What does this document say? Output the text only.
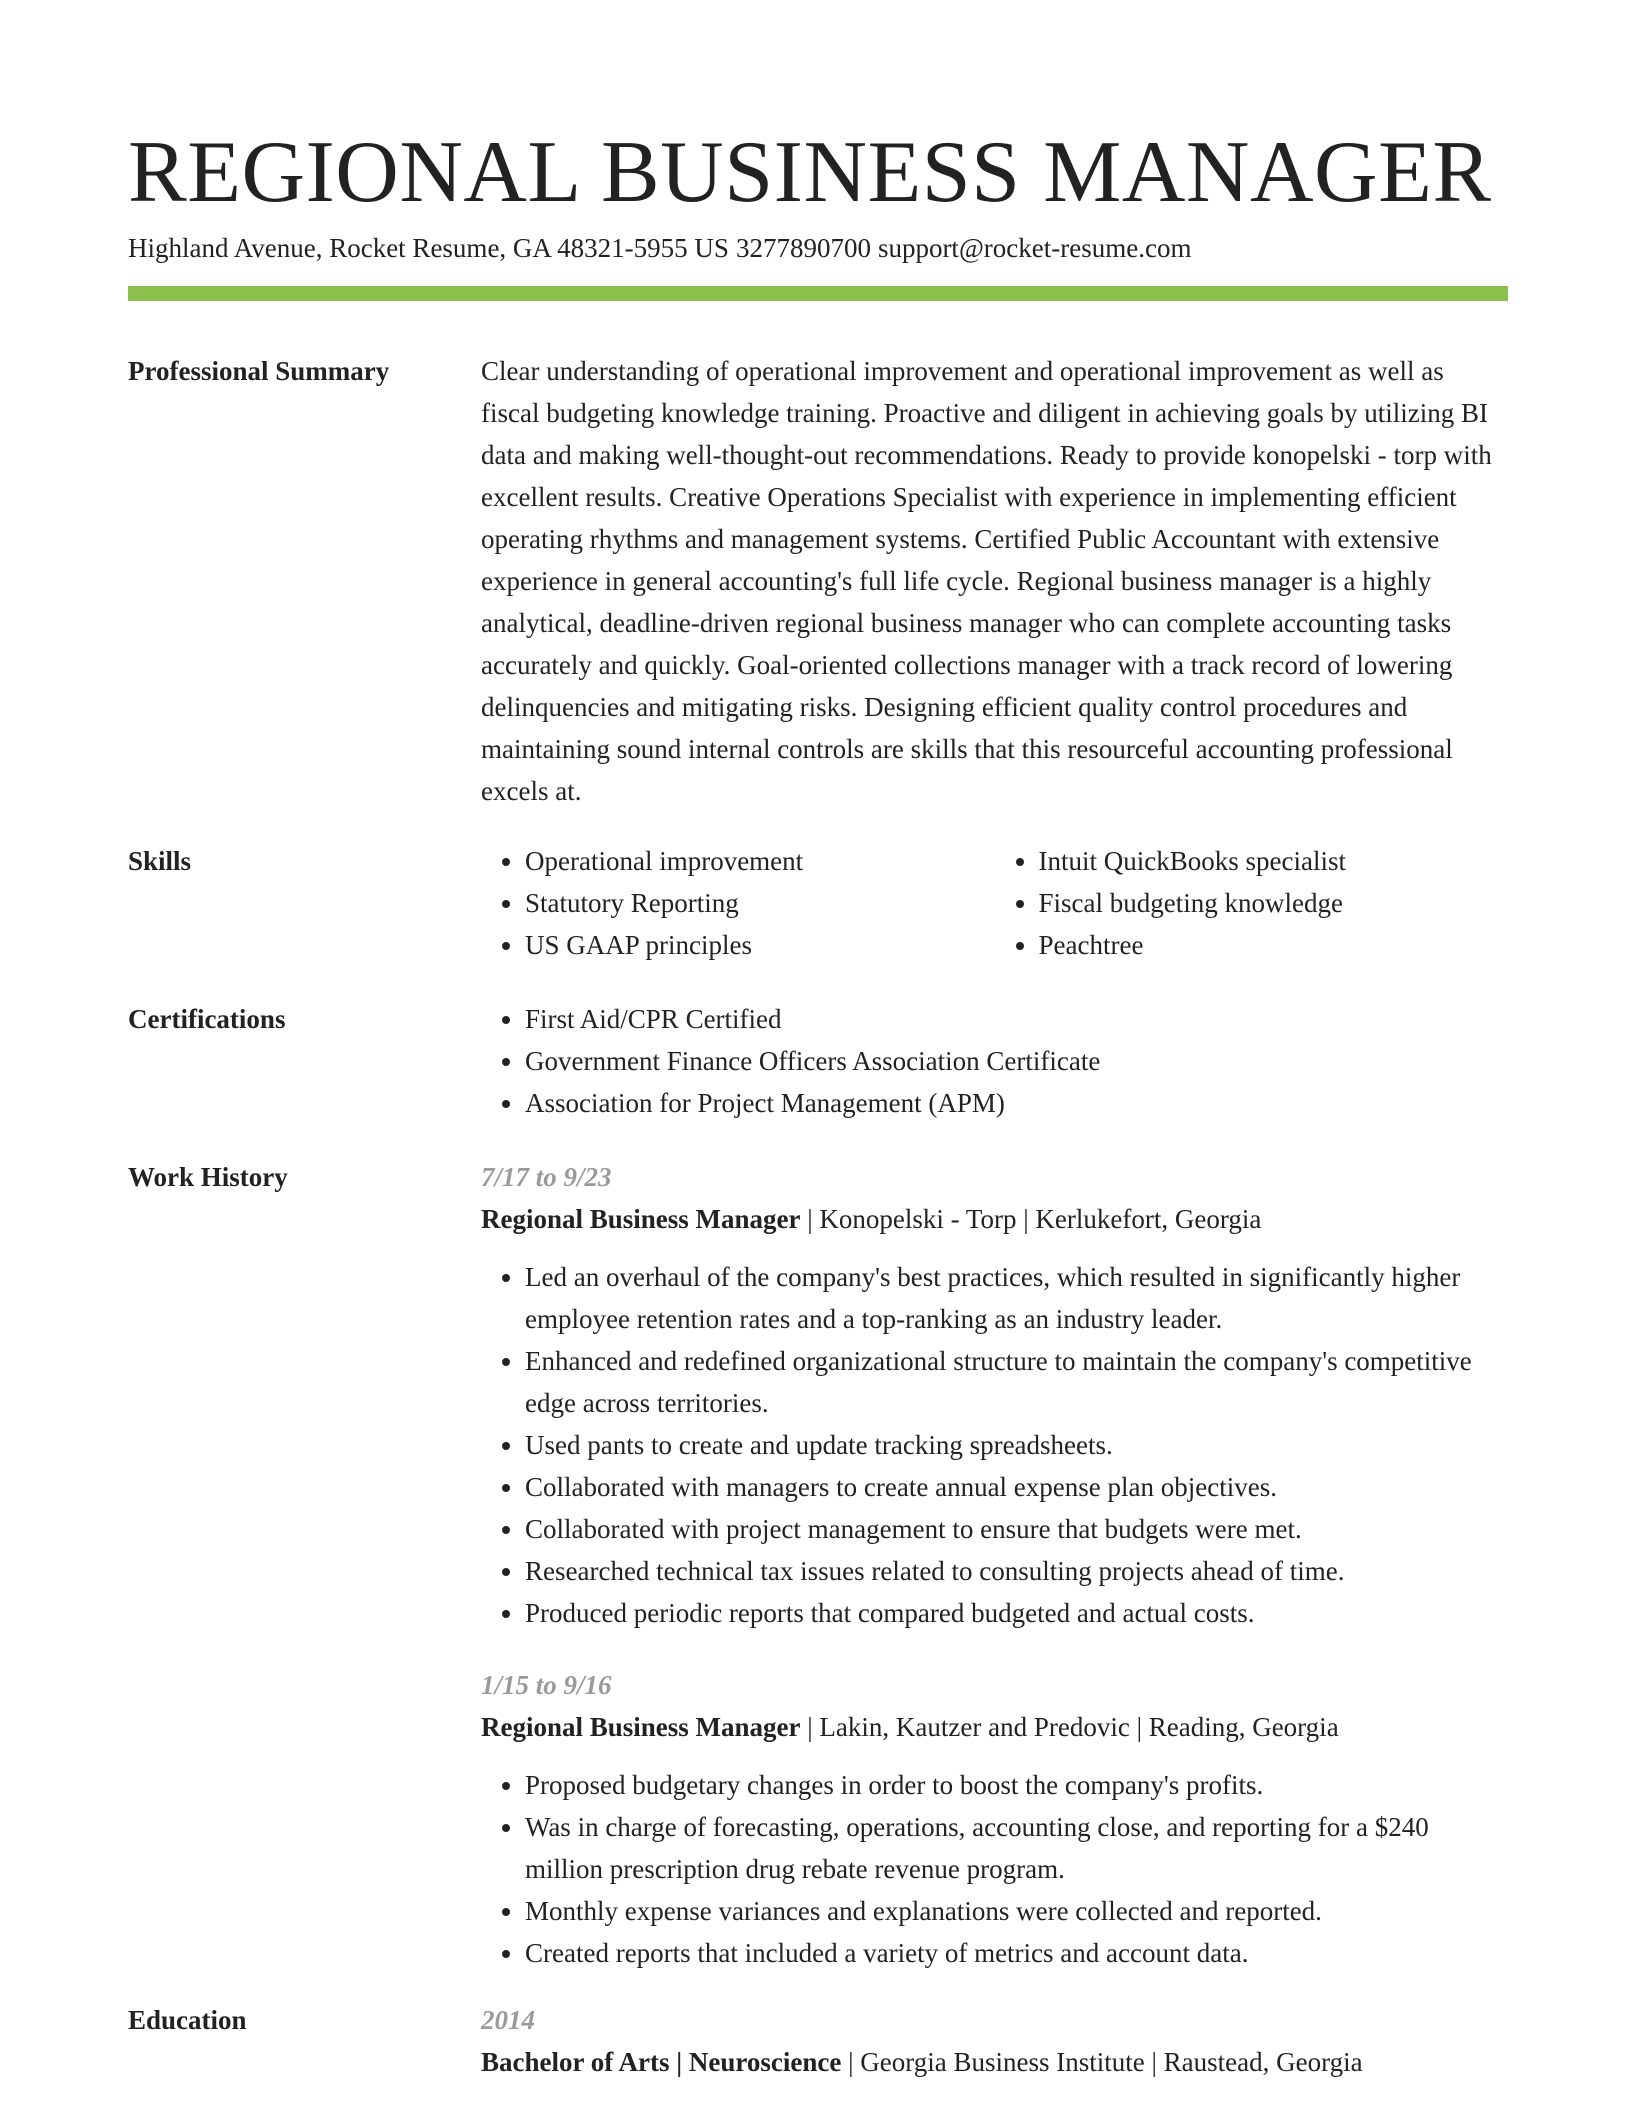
REGIONAL BUSINESS MANAGER
Highland Avenue, Rocket Resume, GA 48321-5955 US 3277890700 support@rocket-resume.com
Professional Summary	Clear understanding of operational improvement and operational improvement as well as fiscal budgeting knowledge training. Proactive and diligent in achieving goals by utilizing BI data and making well-thought-out recommendations. Ready to provide konopelski - torp with excellent results. Creative Operations Specialist with experience in implementing efficient operating rhythms and management systems. Certified Public Accountant with extensive experience in general accounting's full life cycle. Regional business manager is a highly analytical, deadline-driven regional business manager who can complete accounting tasks accurately and quickly. Goal-oriented collections manager with a track record of lowering delinquencies and mitigating risks. Designing efficient quality control procedures and maintaining sound internal controls are skills that this resourceful accounting professional excels at.

Skills	• Operational improvement
• Statutory Reporting
• US GAAP principles
• Intuit QuickBooks specialist
• Fiscal budgeting knowledge
• Peachtree
Certifications	• First Aid/CPR Certified
• Government Finance Officers Association Certificate
• Association for Project Management (APM)
Work History	7/17 to 9/23

Regional Business Manager | Konopelski - Torp | Kerlukefort, Georgia

• Led an overhaul of the company's best practices, which resulted in significantly higher employee retention rates and a top-ranking as an industry leader.
• Enhanced and redefined organizational structure to maintain the company's competitive edge across territories.
• Used pants to create and update tracking spreadsheets.
• Collaborated with managers to create annual expense plan objectives.
• Collaborated with project management to ensure that budgets were met.
• Researched technical tax issues related to consulting projects ahead of time.
• Produced periodic reports that compared budgeted and actual costs.

1/15 to 9/16

Regional Business Manager | Lakin, Kautzer and Predovic | Reading, Georgia

• Proposed budgetary changes in order to boost the company's profits.
• Was in charge of forecasting, operations, accounting close, and reporting for a $240 million prescription drug rebate revenue program.
• Monthly expense variances and explanations were collected and reported.
• Created reports that included a variety of metrics and account data.
Education	2014

Bachelor of Arts | Neuroscience | Georgia Business Institute | Raustead, Georgia
